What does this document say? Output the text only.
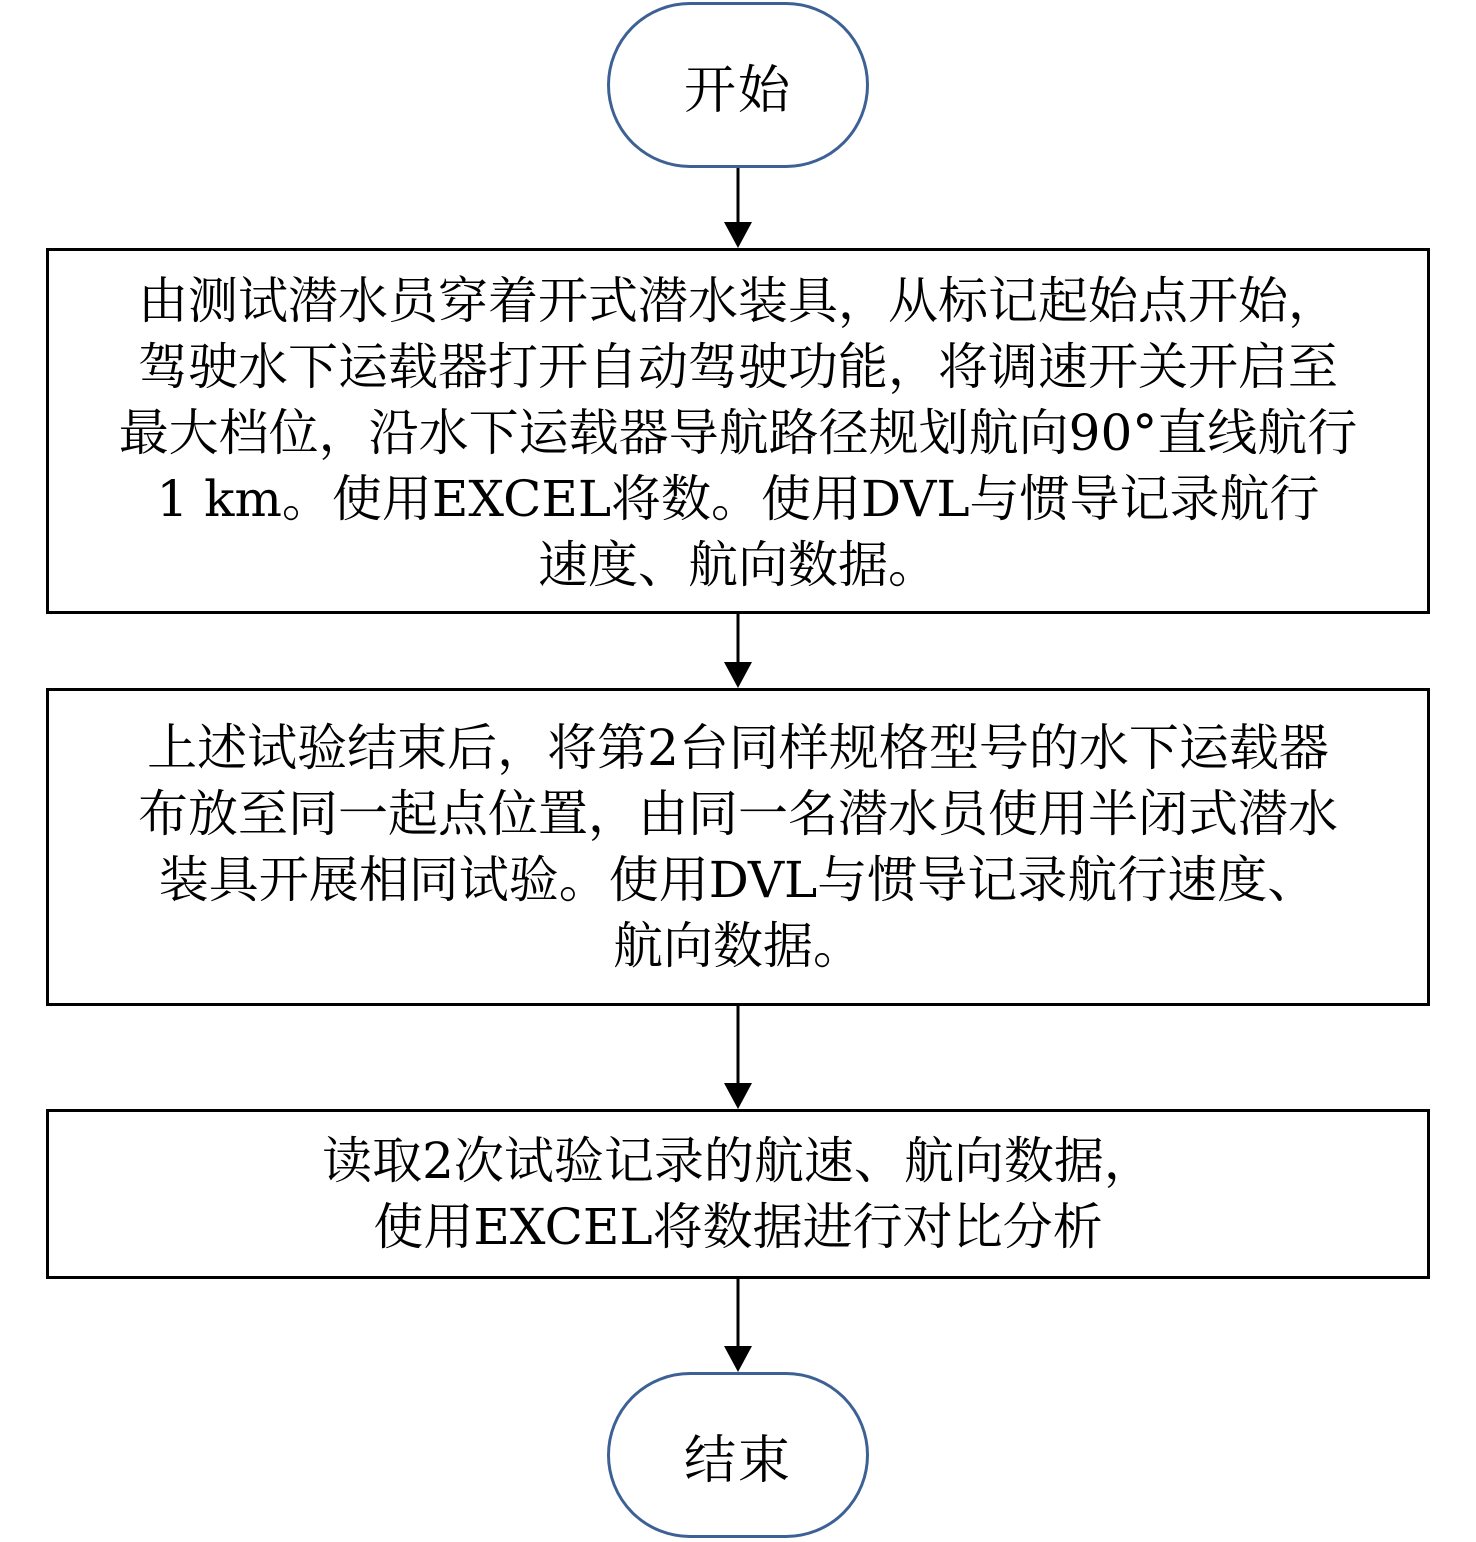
开始
由测试潜水员穿着开式潜水装具，从标记起始点开始，
驾驶水下运载器打开自动驾驶功能，将调速开关开启至
最大档位，沿水下运载器导航路径规划航向90°直线航行
1 km。使用EXCEL将数。使用DVL与惯导记录航行
速度、航向数据。
上述试验结束后，将第2台同样规格型号的水下运载器
布放至同一起点位置，由同一名潜水员使用半闭式潜水
装具开展相同试验。使用DVL与惯导记录航行速度、
航向数据。
读取2次试验记录的航速、航向数据，
使用EXCEL将数据进行对比分析
结束
